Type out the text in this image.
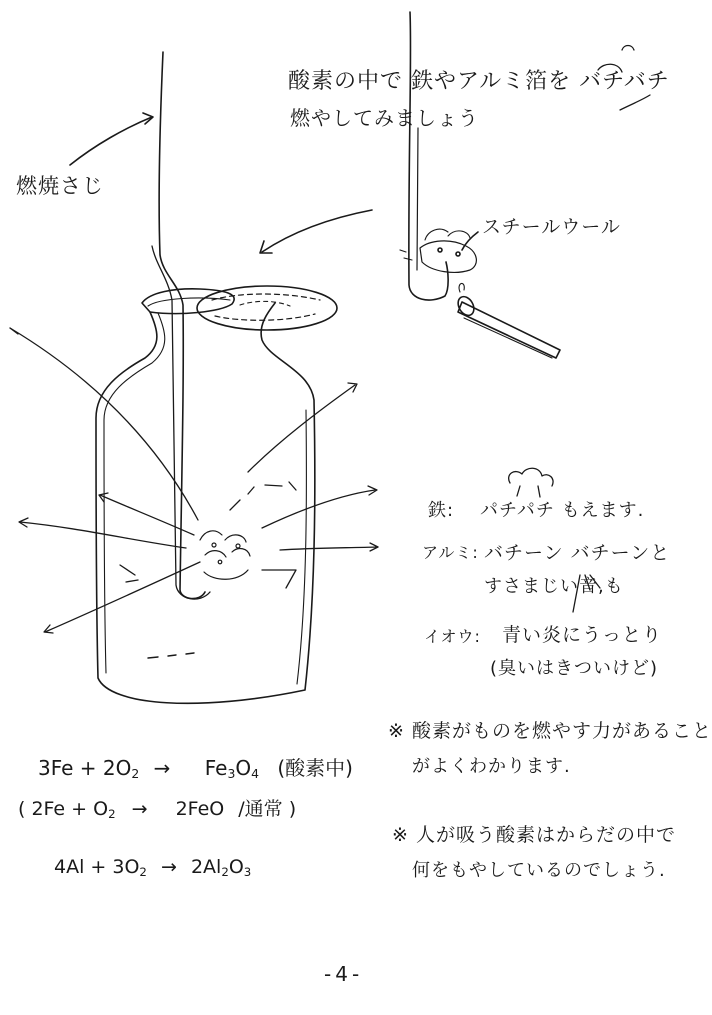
酸素の中で 鉄やアルミ箔を バチバチ
燃やしてみましょう
燃焼さじ
スチールウール
鉄: パチパチ もえます.
アルミ: バチーン バチーンと
すさまじい音,も
イオウ: 青い炎にうっとり
(臭いはきついけど)
$3Fe + 2O_2 \to Fe_3O_4$ (酸素中)
( $2Fe + O_2 \to 2FeO$ /通常 )
$4Al + 3O_2 \to 2Al_2O_3$
※ 酸素がものを燃やす力があること
がよくわかります.
※ 人が吸う酸素はからだの中で
何をもやしているのでしょう.
-4-
